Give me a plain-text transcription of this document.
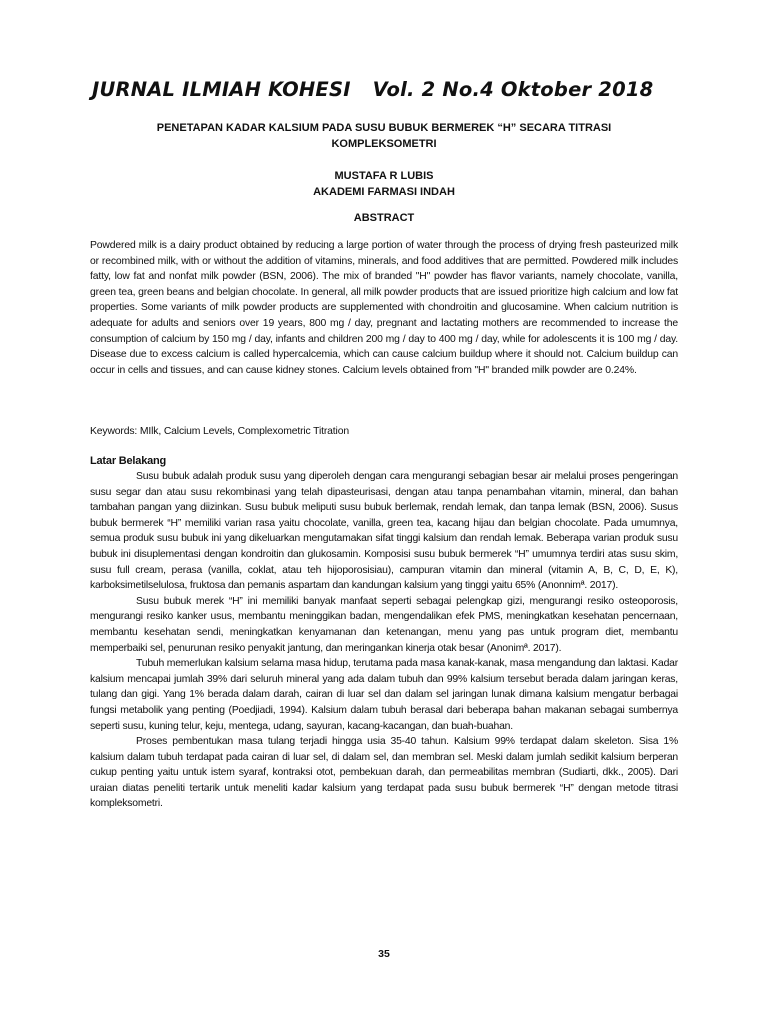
JURNAL ILMIAH KOHESI Vol. 2 No.4 Oktober 2018
PENETAPAN KADAR KALSIUM PADA SUSU BUBUK BERMEREK “H” SECARA TITRASI
KOMPLEKSOMETRI
MUSTAFA R LUBIS
AKADEMI FARMASI INDAH
ABSTRACT
Powdered milk is a dairy product obtained by reducing a large portion of water through the process of drying fresh pasteurized milk or recombined milk, with or without the addition of vitamins, minerals, and food additives that are permitted. Powdered milk includes fatty, low fat and nonfat milk powder (BSN, 2006). The mix of branded "H" powder has flavor variants, namely chocolate, vanilla, green tea, green beans and belgian chocolate. In general, all milk powder products that are issued prioritize high calcium and low fat properties. Some variants of milk powder products are supplemented with chondroitin and glucosamine. When calcium nutrition is adequate for adults and seniors over 19 years, 800 mg / day, pregnant and lactating mothers are recommended to increase the consumption of calcium by 150 mg / day, infants and children 200 mg / day to 400 mg / day, while for adolescents it is 100 mg / day. Disease due to excess calcium is called hypercalcemia, which can cause calcium buildup where it should not. Calcium buildup can occur in cells and tissues, and can cause kidney stones. Calcium levels obtained from "H" branded milk powder are 0.24%.
Keywords: MIlk, Calcium Levels, Complexometric Titration
Latar Belakang

Susu bubuk adalah produk susu yang diperoleh dengan cara mengurangi sebagian besar air melalui proses pengeringan susu segar dan atau susu rekombinasi yang telah dipasteurisasi, dengan atau tanpa penambahan vitamin, mineral, dan bahan tambahan pangan yang diizinkan. Susu bubuk meliputi susu bubuk berlemak, rendah lemak, dan tanpa lemak (BSN, 2006). Susus bubuk bermerek “H” memiliki varian rasa yaitu chocolate, vanilla, green tea, kacang hijau dan belgian chocolate. Pada umumnya, semua produk susu bubuk ini yang dikeluarkan mengutamakan sifat tinggi kalsium dan rendah lemak. Beberapa varian produk susu bubuk ini disuplementasi dengan kondroitin dan glukosamin. Komposisi susu bubuk bermerek “H” umumnya terdiri atas susu skim, susu full cream, perasa (vanilla, coklat, atau teh hijoporosisiau), campuran vitamin dan mineral (vitamin A, B, C, D, E, K), karboksimetilselulosa, fruktosa dan pemanis aspartam dan kandungan kalsium yang tinggi yaitu 65% (Anonnimª. 2017).

Susu bubuk merek “H” ini memiliki banyak manfaat seperti sebagai pelengkap gizi, mengurangi resiko osteoporosis, mengurangi resiko kanker usus, membantu meninggikan badan, mengendalikan efek PMS, meningkatkan kesehatan pencernaan, membantu kesehatan sendi, meningkatkan kenyamanan dan ketenangan, menu yang pas untuk program diet, membantu memperbaiki sel, penurunan resiko penyakit jantung, dan meringankan kinerja otak besar (Anonimª. 2017).

Tubuh memerlukan kalsium selama masa hidup, terutama pada masa kanak-kanak, masa mengandung dan laktasi. Kadar kalsium mencapai jumlah 39% dari seluruh mineral yang ada dalam tubuh dan 99% kalsium tersebut berada dalam jaringan keras, tulang dan gigi. Yang 1% berada dalam darah, cairan di luar sel dan dalam sel jaringan lunak dimana kalsium mengatur berbagai fungsi metabolik yang penting (Poedjiadi, 1994). Kalsium dalam tubuh berasal dari beberapa bahan makanan sebagai sumbernya seperti susu, kuning telur, keju, mentega, udang, sayuran, kacang-kacangan, dan buah-buahan.

Proses pembentukan masa tulang terjadi hingga usia 35-40 tahun. Kalsium 99% terdapat dalam skeleton. Sisa 1% kalsium dalam tubuh terdapat pada cairan di luar sel, di dalam sel, dan membran sel. Meski dalam jumlah sedikit kalsium berperan cukup penting yaitu untuk istem syaraf, kontraksi otot, pembekuan darah, dan permeabilitas membran (Sudiarti, dkk., 2005). Dari uraian diatas peneliti tertarik untuk meneliti kadar kalsium yang terdapat pada susu bubuk bermerek “H” dengan metode titrasi kompleksometri.

35
